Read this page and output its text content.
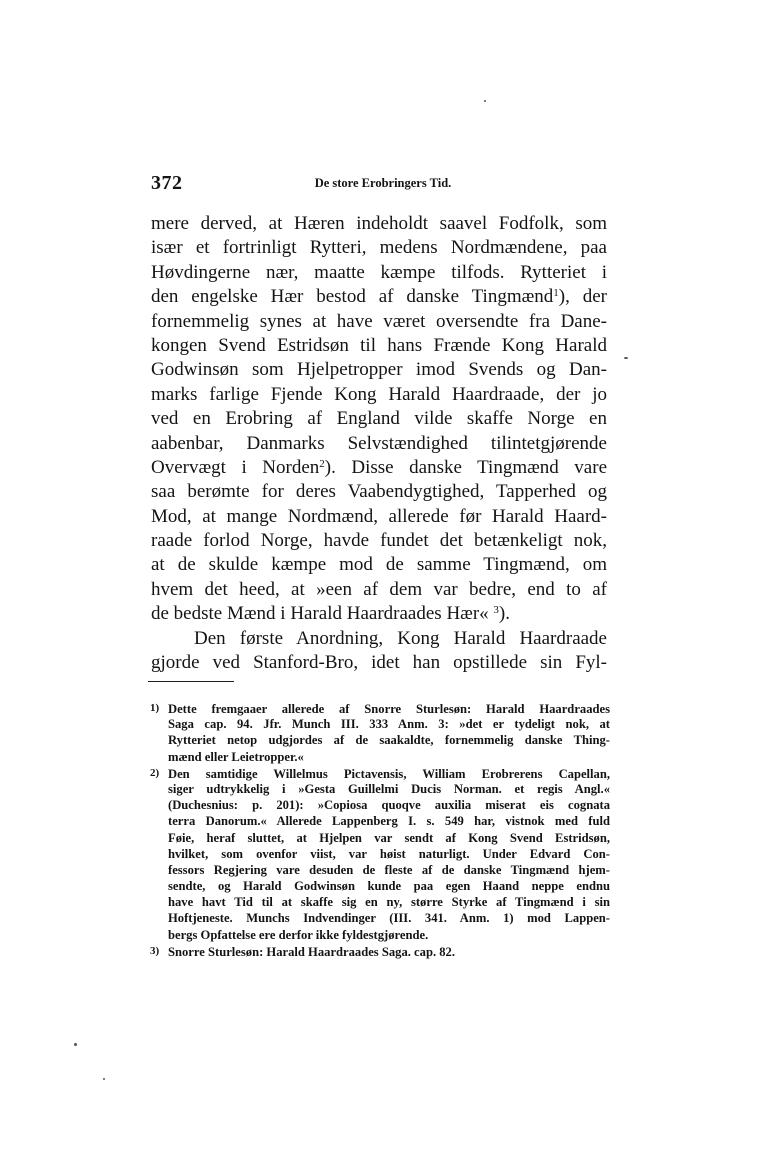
372	De store Erobringers Tid.
mere derved, at Hæren indeholdt saavel Fodfolk, som
især et fortrinligt Rytteri, medens Nordmændene, paa
Høvdingerne nær, maatte kæmpe tilfods. Rytteriet i
den engelske Hær bestod af danske Tingmænd$^1$), der
fornemmelig synes at have været oversendte fra Dane-
kongen Svend Estridsøn til hans Frænde Kong Harald
Godwinsøn som Hjelpetropper imod Svends og Dan-
marks farlige Fjende Kong Harald Haardraade, der jo
ved en Erobring af England vilde skaffe Norge en
aabenbar, Danmarks Selvstændighed tilintetgjørende
Overvægt i Norden$^2$). Disse danske Tingmænd vare
saa berømte for deres Vaabendygtighed, Tapperhed og
Mod, at mange Nordmænd, allerede før Harald Haard-
raade forlod Norge, havde fundet det betænkeligt nok,
at de skulde kæmpe mod de samme Tingmænd, om
hvem det heed, at »een af dem var bedre, end to af
de bedste Mænd i Harald Haardraades Hær« $^3$).
Den første Anordning, Kong Harald Haardraade
gjorde ved Stanford-Bro, idet han opstillede sin Fyl-
1) Dette fremgaaer allerede af Snorre Sturlesøn: Harald Haardraades
Saga cap. 94. Jfr. Munch III. 333 Anm. 3: »det er tydeligt nok, at
Rytteriet netop udgjordes af de saakaldte, fornemmelig danske Thing-
mænd eller Leietropper.«
2) Den samtidige Willelmus Pictavensis, William Erobrerens Capellan,
siger udtrykkelig i »Gesta Guillelmi Ducis Norman. et regis Angl.«
(Duchesnius: p. 201): »Copiosa quoqve auxilia miserat eis cognata
terra Danorum.« Allerede Lappenberg I. s. 549 har, vistnok med fuld
Føie, heraf sluttet, at Hjelpen var sendt af Kong Svend Estridsøn,
hvilket, som ovenfor viist, var høist naturligt. Under Edvard Con-
fessors Regjering vare desuden de fleste af de danske Tingmænd hjem-
sendte, og Harald Godwinsøn kunde paa egen Haand neppe endnu
have havt Tid til at skaffe sig en ny, større Styrke af Tingmænd i sin
Hoftjeneste. Munchs Indvendinger (III. 341. Anm. 1) mod Lappen-
bergs Opfattelse ere derfor ikke fyldestgjørende.
3) Snorre Sturlesøn: Harald Haardraades Saga. cap. 82.
